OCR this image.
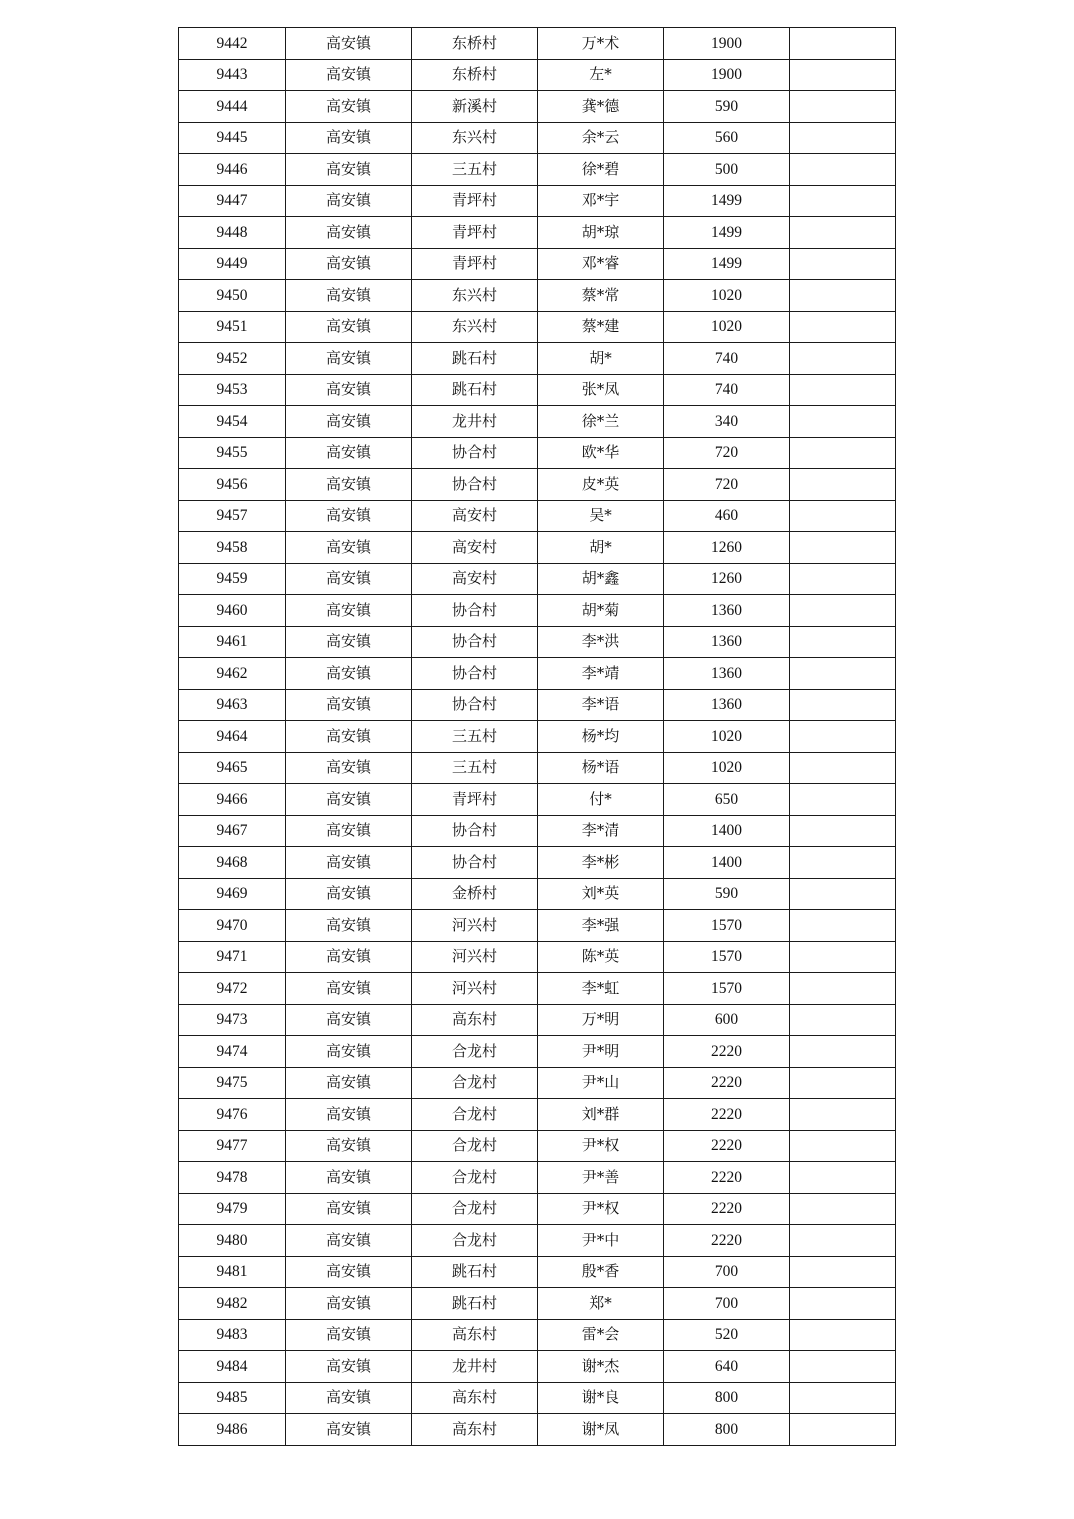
9442	高安镇	东桥村	万*术	1900	
9443	高安镇	东桥村	左*	1900	
9444	高安镇	新溪村	龚*德	590	
9445	高安镇	东兴村	余*云	560	
9446	高安镇	三五村	徐*碧	500	
9447	高安镇	青坪村	邓*宇	1499	
9448	高安镇	青坪村	胡*琼	1499	
9449	高安镇	青坪村	邓*睿	1499	
9450	高安镇	东兴村	蔡*常	1020	
9451	高安镇	东兴村	蔡*建	1020	
9452	高安镇	跳石村	胡*	740	
9453	高安镇	跳石村	张*凤	740	
9454	高安镇	龙井村	徐*兰	340	
9455	高安镇	协合村	欧*华	720	
9456	高安镇	协合村	皮*英	720	
9457	高安镇	高安村	吴*	460	
9458	高安镇	高安村	胡*	1260	
9459	高安镇	高安村	胡*鑫	1260	
9460	高安镇	协合村	胡*菊	1360	
9461	高安镇	协合村	李*洪	1360	
9462	高安镇	协合村	李*靖	1360	
9463	高安镇	协合村	李*语	1360	
9464	高安镇	三五村	杨*均	1020	
9465	高安镇	三五村	杨*语	1020	
9466	高安镇	青坪村	付*	650	
9467	高安镇	协合村	李*清	1400	
9468	高安镇	协合村	李*彬	1400	
9469	高安镇	金桥村	刘*英	590	
9470	高安镇	河兴村	李*强	1570	
9471	高安镇	河兴村	陈*英	1570	
9472	高安镇	河兴村	李*虹	1570	
9473	高安镇	高东村	万*明	600	
9474	高安镇	合龙村	尹*明	2220	
9475	高安镇	合龙村	尹*山	2220	
9476	高安镇	合龙村	刘*群	2220	
9477	高安镇	合龙村	尹*权	2220	
9478	高安镇	合龙村	尹*善	2220	
9479	高安镇	合龙村	尹*权	2220	
9480	高安镇	合龙村	尹*中	2220	
9481	高安镇	跳石村	殷*香	700	
9482	高安镇	跳石村	郑*	700	
9483	高安镇	高东村	雷*会	520	
9484	高安镇	龙井村	谢*杰	640	
9485	高安镇	高东村	谢*良	800	
9486	高安镇	高东村	谢*凤	800	
